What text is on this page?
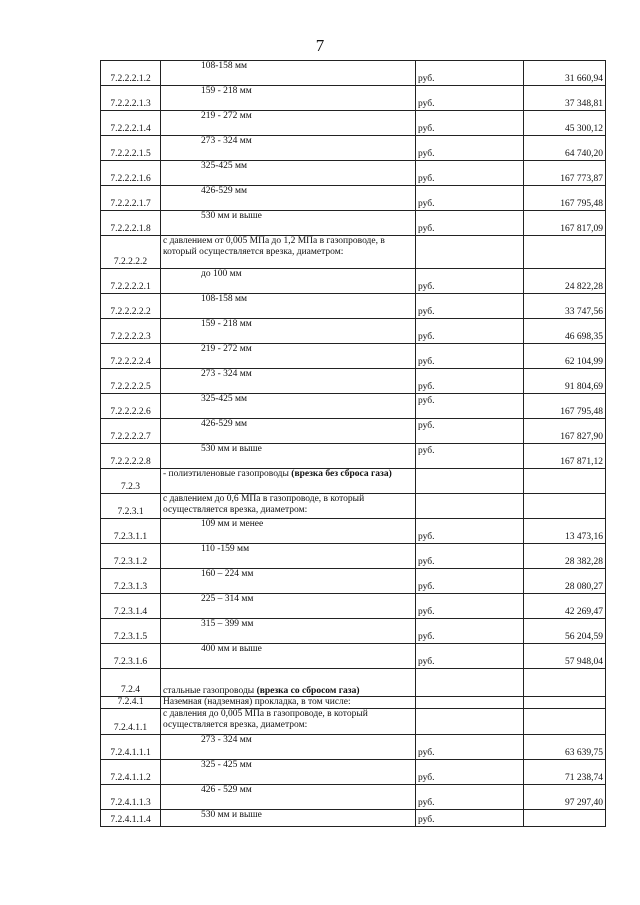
7
7.2.2.2.1.2	108-158 мм	руб.	31 660,94
7.2.2.2.1.3	159 - 218 мм	руб.	37 348,81
7.2.2.2.1.4	219 - 272 мм	руб.	45 300,12
7.2.2.2.1.5	273 - 324 мм	руб.	64 740,20
7.2.2.2.1.6	325-425 мм	руб.	167 773,87
7.2.2.2.1.7	426-529 мм	руб.	167 795,48
7.2.2.2.1.8	530 мм и выше	руб.	167 817,09
7.2.2.2.2	с давлением от 0,005 МПа до 1,2 МПа в газопроводе, в который осуществляется врезка, диаметром:		
7.2.2.2.2.1	до 100 мм	руб.	24 822,28
7.2.2.2.2.2	108-158 мм	руб.	33 747,56
7.2.2.2.2.3	159 - 218 мм	руб.	46 698,35
7.2.2.2.2.4	219 - 272 мм	руб.	62 104,99
7.2.2.2.2.5	273 - 324 мм	руб.	91 804,69
7.2.2.2.2.6	325-425 мм	руб.	167 795,48
7.2.2.2.2.7	426-529 мм	руб.	167 827,90
7.2.2.2.2.8	530 мм и выше	руб.	167 871,12
7.2.3	- полиэтиленовые газопроводы (врезка без сброса газа)		
7.2.3.1	с давлением до 0,6 МПа в газопроводе, в который осуществляется врезка, диаметром:		
7.2.3.1.1	109 мм и менее	руб.	13 473,16
7.2.3.1.2	110 -159 мм	руб.	28 382,28
7.2.3.1.3	160 – 224 мм	руб.	28 080,27
7.2.3.1.4	225 – 314 мм	руб.	42 269,47
7.2.3.1.5	315 – 399 мм	руб.	56 204,59
7.2.3.1.6	400 мм и выше	руб.	57 948,04
7.2.4	стальные газопроводы (врезка со сбросом газа)		
7.2.4.1	Наземная (надземная) прокладка, в том числе:		
7.2.4.1.1	с давления до 0,005 МПа в газопроводе, в который осуществляется врезка, диаметром:		
7.2.4.1.1.1	273 - 324 мм	руб.	63 639,75
7.2.4.1.1.2	325 - 425 мм	руб.	71 238,74
7.2.4.1.1.3	426 - 529 мм	руб.	97 297,40
7.2.4.1.1.4	530 мм и выше	руб.	
